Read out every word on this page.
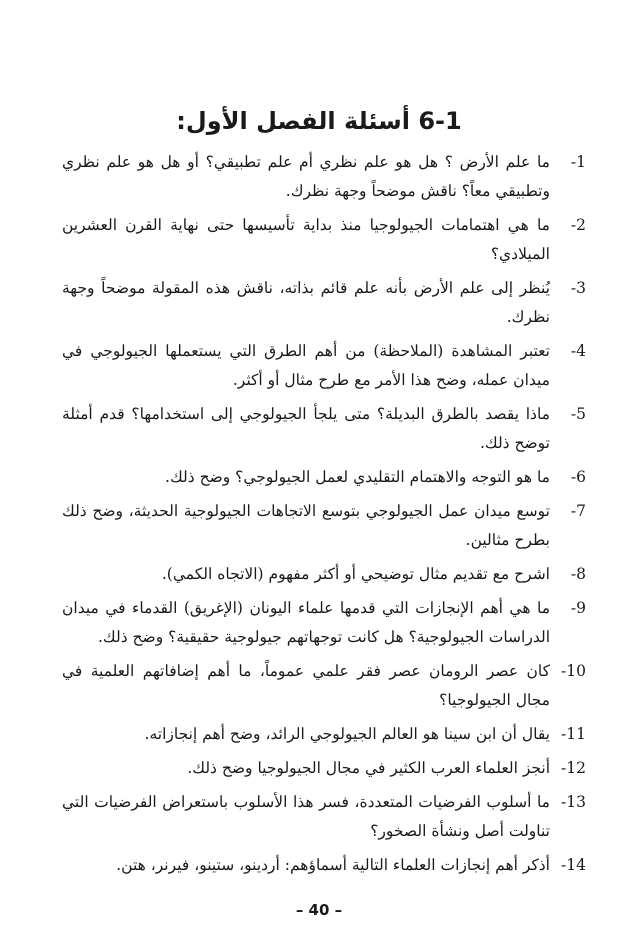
6-1 أسئلة الفصل الأول:
1-
ما علم الأرض ؟ هل هو علم نظري أم علم تطبيقي؟ أو هل هو علم نظري وتطبيقي معاً؟ ناقش موضحاً وجهة نظرك.
2-
ما هي اهتمامات الجيولوجيا منذ بداية تأسيسها حتى نهاية القرن العشرين الميلادي؟
3-
يُنظر إلى علم الأرض بأنه علم قائم بذاته، ناقش هذه المقولة موضحاً وجهة نظرك.
4-
تعتبر المشاهدة (الملاحظة) من أهم الطرق التي يستعملها الجيولوجي في ميدان عمله، وضح هذا الأمر مع طرح مثال أو أكثر.
5-
ماذا يقصد بالطرق البديلة؟ متى يلجأ الجيولوجي إلى استخدامها؟ قدم أمثلة توضح ذلك.
6-
ما هو التوجه والاهتمام التقليدي لعمل الجيولوجي؟ وضح ذلك.
7-
توسع ميدان عمل الجيولوجي بتوسع الاتجاهات الجيولوجية الحديثة، وضح ذلك بطرح مثالين.
8-
اشرح مع تقديم مثال توضيحي أو أكثر مفهوم (الاتجاه الكمي).
9-
ما هي أهم الإنجازات التي قدمها علماء اليونان (الإغريق) القدماء في ميدان الدراسات الجيولوجية؟ هل كانت توجهاتهم جيولوجية حقيقية؟ وضح ذلك.
10-
كان عصر الرومان عصر فقر علمي عموماً، ما أهم إضافاتهم العلمية في مجال الجيولوجيا؟
11-
يقال أن ابن سينا هو العالم الجيولوجي الرائد، وضح أهم إنجازاته.
12-
أنجز العلماء العرب الكثير في مجال الجيولوجيا وضح ذلك.
13-
ما أسلوب الفرضيات المتعددة، فسر هذا الأسلوب باستعراض الفرضيات التي تناولت أصل ونشأة الصخور؟
14-
أذكر أهم إنجازات العلماء التالية أسماؤهم: أردينو، ستينو، فيرنر، هتن.
– 40 –
